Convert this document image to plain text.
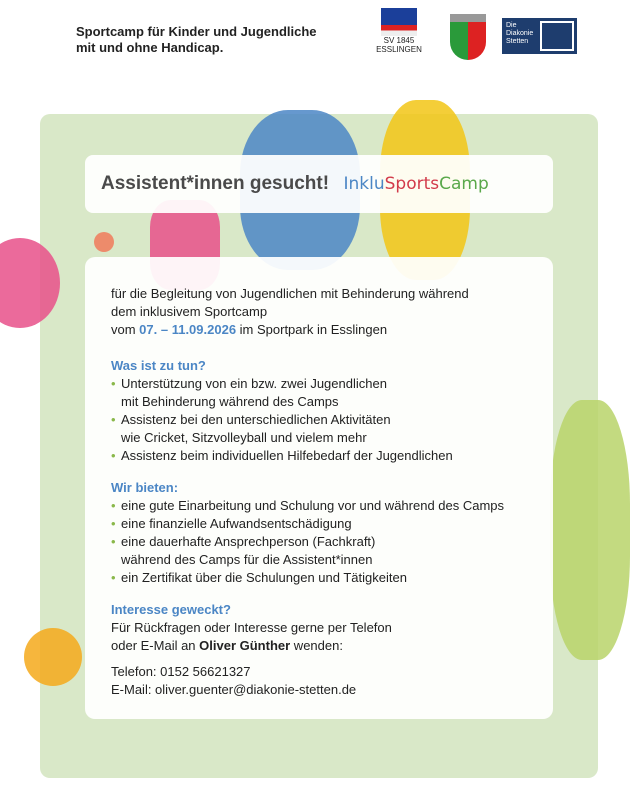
Sportcamp für Kinder und Jugendliche
mit und ohne Handicap.	SV 1845 ESSLINGEN
Die
Diakonie
Stetten
Assistent*innen gesucht! InkluSportsCamp
für die Begleitung von Jugendlichen mit Behinderung während
dem inklusivem Sportcamp
vom 07. – 11.09.2026 im Sportpark in Esslingen
Was ist zu tun?
• Unterstützung von ein bzw. zwei Jugendlichen
mit Behinderung während des Camps
• Assistenz bei den unterschiedlichen Aktivitäten
wie Cricket, Sitzvolleyball und vielem mehr
• Assistenz beim individuellen Hilfebedarf der Jugendlichen
Wir bieten:
• eine gute Einarbeitung und Schulung vor und während des Camps
• eine finanzielle Aufwandsentschädigung
• eine dauerhafte Ansprechperson (Fachkraft)
während des Camps für die Assistent*innen
• ein Zertifikat über die Schulungen und Tätigkeiten
Interesse geweckt?
Für Rückfragen oder Interesse gerne per Telefon
oder E-Mail an Oliver Günther wenden:
Telefon: 0152 56621327
E-Mail: oliver.guenter@diakonie-stetten.de
